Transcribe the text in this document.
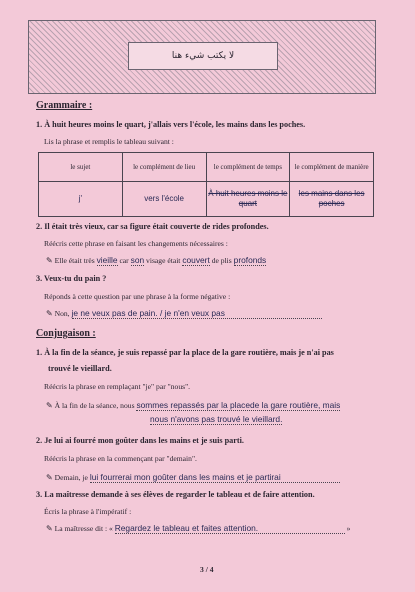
لا يكتب شيء هنا
Grammaire :
1. À huit heures moins le quart, j'allais vers l'école, les mains dans les poches.
Lis la phrase et remplis le tableau suivant :
le sujet	le complément de lieu	le complément de temps	le complément de manière
j'	vers l'école	À huit heures moins le quart	les mains dans les poches
2. Il était très vieux, car sa figure était couverte de rides profondes.
Réécris cette phrase en faisant les changements nécessaires :
✎ Elle était très vieille car son visage était couvert de plis profonds
3. Veux-tu du pain ?
Réponds à cette question par une phrase à la forme négative :
✎ Non, je ne veux pas de pain. / je n'en veux pas
Conjugaison :
1. À la fin de la séance, je suis repassé par la place de la gare routière, mais je n'ai pas
trouvé le vieillard.
Réécris la phrase en remplaçant "je" par "nous".
✎ À la fin de la séance, nous sommes repassés par la placede la gare routière, mais
nous n'avons pas trouvé le vieillard.
2. Je lui ai fourré mon goûter dans les mains et je suis parti.
Réécris la phrase en la commençant par "demain".
✎ Demain, je lui fourrerai mon goûter dans les mains et je partirai
3. La maîtresse demande à ses élèves de regarder le tableau et de faire attention.
Écris la phrase à l'impératif :
✎ La maîtresse dit : « Regardez le tableau et faites attention.	»
3 / 4
